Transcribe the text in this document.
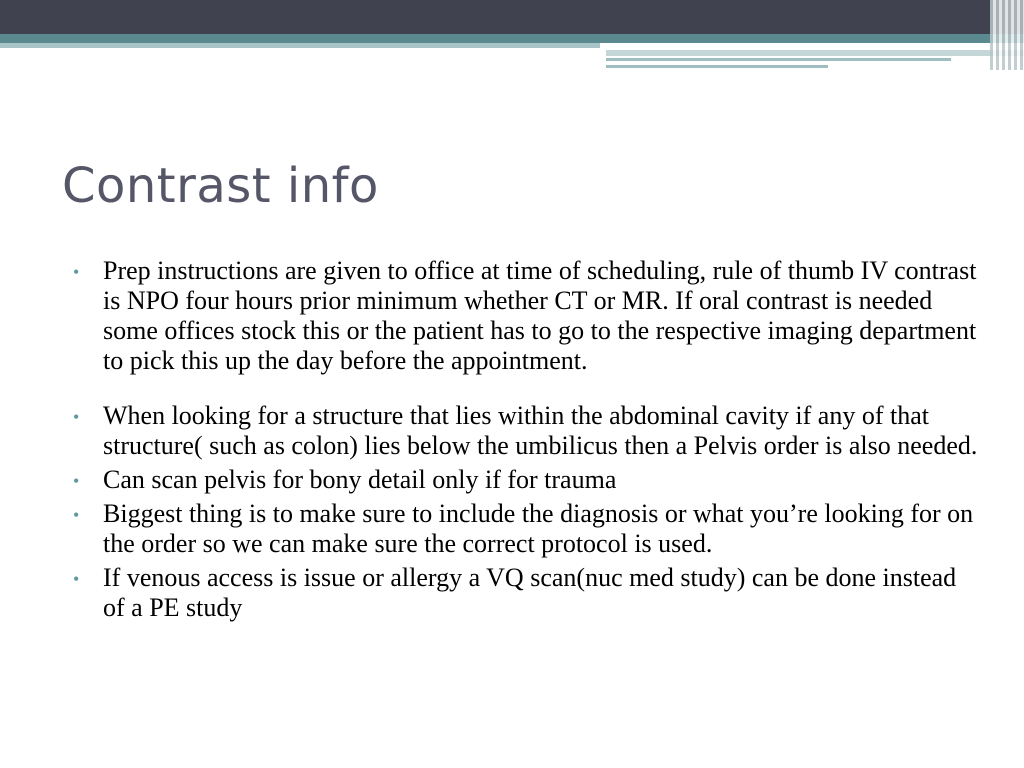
Contrast info
• Prep instructions are given to office at time of scheduling, rule of thumb IV contrast is NPO four hours prior minimum whether CT or MR. If oral contrast is needed some offices stock this or the patient has to go to the respective imaging department to pick this up the day before the appointment.
• When looking for a structure that lies within the abdominal cavity if any of that structure( such as colon) lies below the umbilicus then a Pelvis order is also needed.
• Can scan pelvis for bony detail only if for trauma
• Biggest thing is to make sure to include the diagnosis or what you’re looking for on the order so we can make sure the correct protocol is used.
• If venous access is issue or allergy a VQ scan(nuc med study) can be done instead of a PE study
